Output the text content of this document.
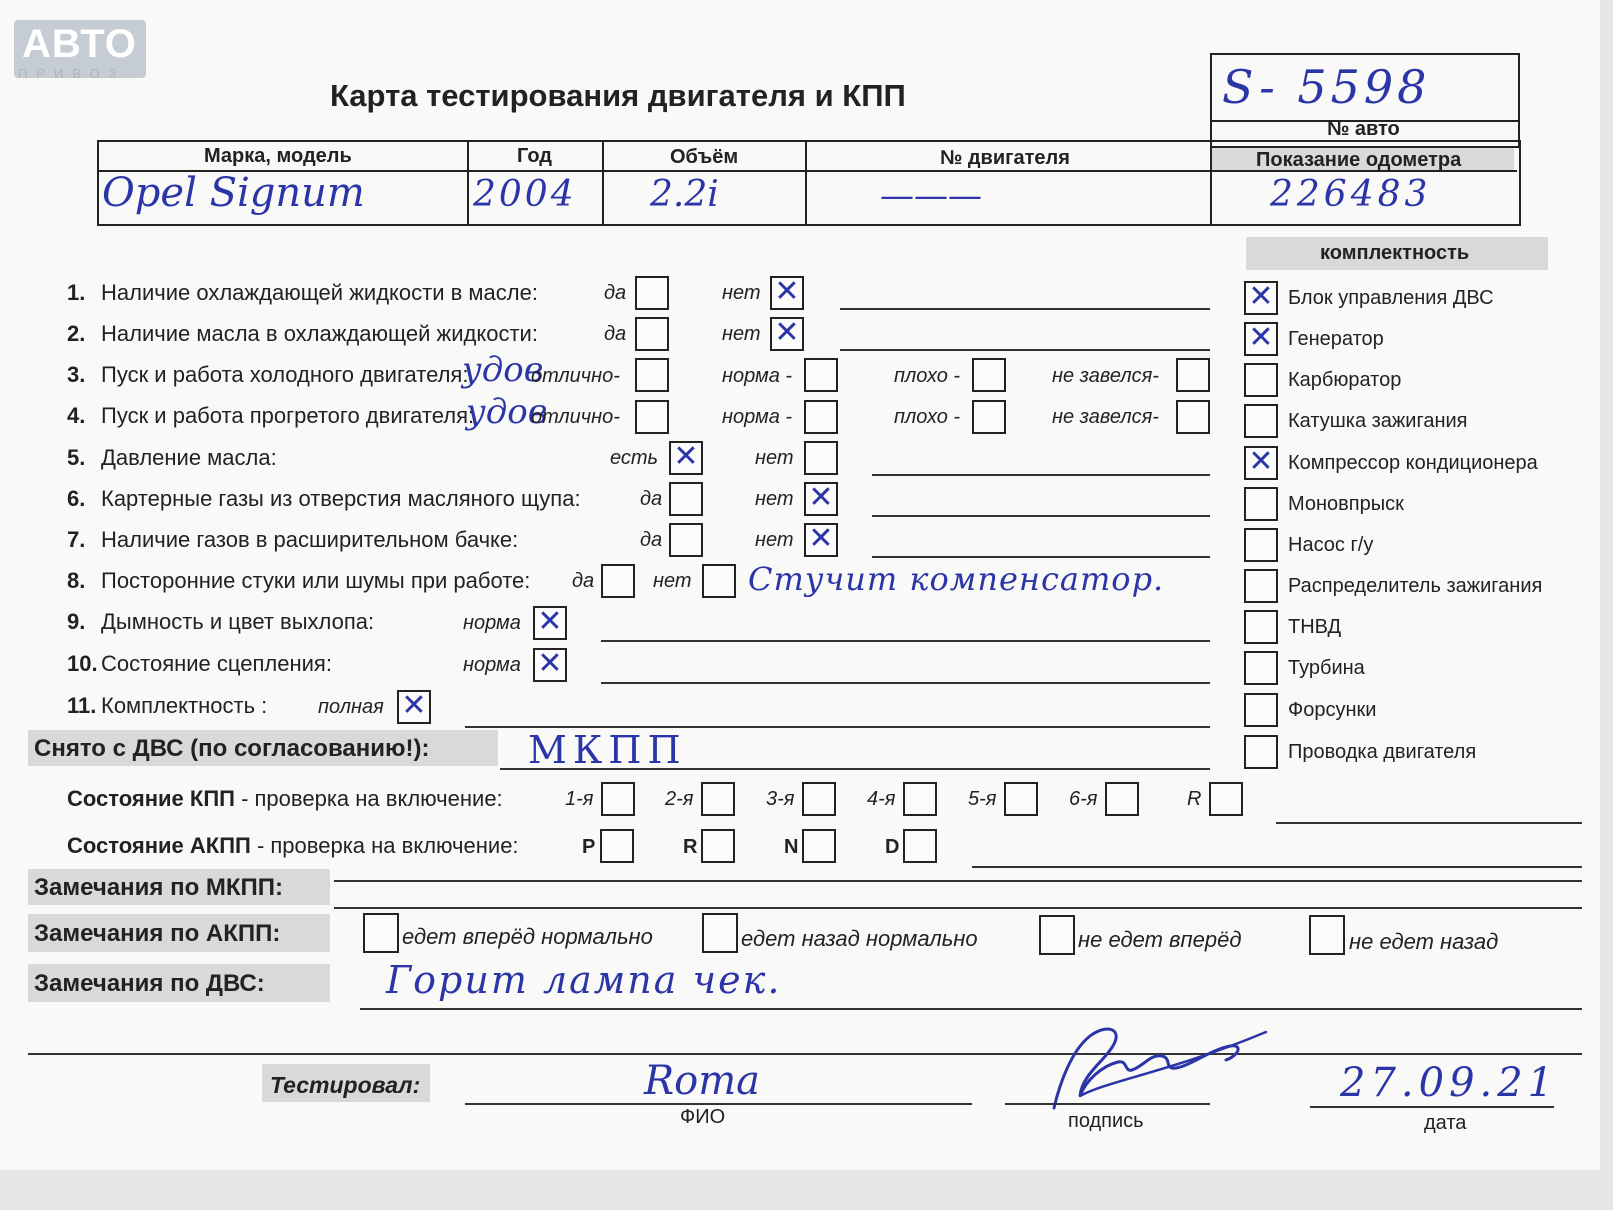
АВТО
ПРИВОЗ
Карта тестирования двигателя и КПП	S- 5598
№ авто
Марка, модель	Год	Объём	№ двигателя	Показание одометра
Opel Signum	2004 2.2i	———	226483
комплектность
✕
Блок управления ДВС
✕
Генератор
Карбюратор
Катушка зажигания
✕
Компрессор кондиционера
Моновпрыск
Насос г/у
Распределитель зажигания
ТНВД
Турбина
Форсунки
Проводка двигателя
1. Наличие охлаждающей жидкости в масле:	да	нет
✕
2. Наличие масла в охлаждающей жидкости:	да	нет
✕
3. Пуск и работа холодного двигателя:
удов
отлично-	норма -	плохо -	не завелся-
4. Пуск и работа прогретого двигателя:
удов
отлично-	норма -	плохо -	не завелся-
5. Давление масла:	есть
✕	нет
6. Картерные газы из отверстия масляного щупа:	да	нет
✕
7. Наличие газов в расширительном бачке:	да	нет
✕
8. Посторонние стуки или шумы при работе: да	нет Стучит компенсатор.
9. Дымность и цвет выхлопа:	норма
✕
10. Состояние сцепления:	норма
✕
11. Комплектность :	полная
✕
Снято с ДВС (по согласованию!):	МКПП
Состояние КПП - проверка на включение:	1-я	2-я	3-я	4-я	5-я	6-я	R
Состояние АКПП - проверка на включение:	P	R	N	D
Замечания по МКПП:
Замечания по АКПП:	едет вперёд нормально	едет назад нормально	не едет вперёд	не едет назад
Замечания по ДВС:	Горит лампа чек.
Тестировал:	Roma
ФИО	подпись
27.09.21
дата
